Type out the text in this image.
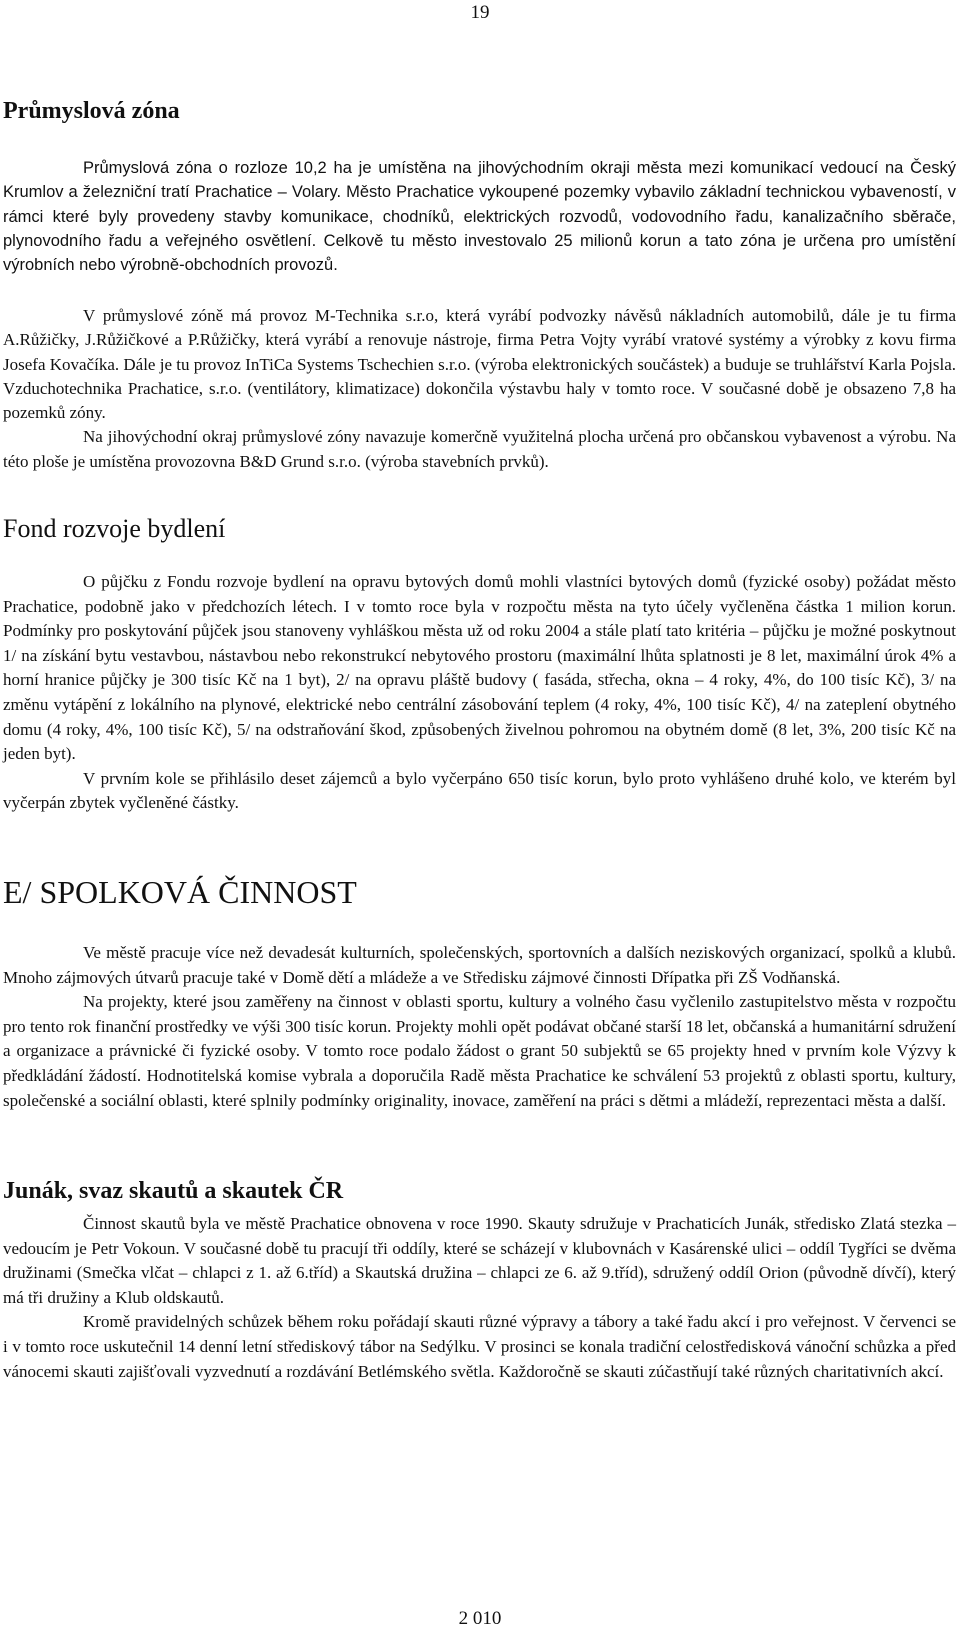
19
Průmyslová zóna

Průmyslová zóna o rozloze 10,2 ha je umístěna na jihovýchodním okraji města mezi komunikací vedoucí na Český Krumlov a železniční tratí Prachatice – Volary. Město Prachatice vykoupené pozemky vybavilo základní technickou vybaveností, v rámci které byly provedeny stavby komunikace, chodníků, elektrických rozvodů, vodovodního řadu, kanalizačního sběrače, plynovodního řadu a veřejného osvětlení. Celkově tu město investovalo 25 milionů korun a tato zóna je určena pro umístění výrobních nebo výrobně-obchodních provozů.

V průmyslové zóně má provoz M-Technika s.r.o, která vyrábí podvozky návěsů nákladních automobilů, dále je tu firma A.Růžičky, J.Růžičkové a P.Růžičky, která vyrábí a renovuje nástroje, firma Petra Vojty vyrábí vratové systémy a výrobky z kovu firma Josefa Kovačíka. Dále je tu provoz InTiCa Systems Tschechien s.r.o. (výroba elektronických součástek) a buduje se truhlářství Karla Pojsla. Vzduchotechnika Prachatice, s.r.o. (ventilátory, klimatizace) dokončila výstavbu haly v tomto roce. V současné době je obsazeno 7,8 ha pozemků zóny.

Na jihovýchodní okraj průmyslové zóny navazuje komerčně využitelná plocha určená pro občanskou vybavenost a výrobu. Na této ploše je umístěna provozovna B&D Grund s.r.o. (výroba stavebních prvků).

Fond rozvoje bydlení

O půjčku z Fondu rozvoje bydlení na opravu bytových domů mohli vlastníci bytových domů (fyzické osoby) požádat město Prachatice, podobně jako v předchozích létech. I v tomto roce byla v rozpočtu města na tyto účely vyčleněna částka 1 milion korun. Podmínky pro poskytování půjček jsou stanoveny vyhláškou města už od roku 2004 a stále platí tato kritéria – půjčku je možné poskytnout 1/ na získání bytu vestavbou, nástavbou nebo rekonstrukcí nebytového prostoru (maximální lhůta splatnosti je 8 let, maximální úrok 4% a horní hranice půjčky je 300 tisíc Kč na 1 byt), 2/ na opravu pláště budovy ( fasáda, střecha, okna – 4 roky, 4%, do 100 tisíc Kč), 3/ na změnu vytápění z lokálního na plynové, elektrické nebo centrální zásobování teplem (4 roky, 4%, 100 tisíc Kč), 4/ na zateplení obytného domu (4 roky, 4%, 100 tisíc Kč), 5/ na odstraňování škod, způsobených živelnou pohromou na obytném domě (8 let, 3%, 200 tisíc Kč na jeden byt).

V prvním kole se přihlásilo deset zájemců a bylo vyčerpáno 650 tisíc korun, bylo proto vyhlášeno druhé kolo, ve kterém byl vyčerpán zbytek vyčleněné částky.

E/ SPOLKOVÁ ČINNOST

Ve městě pracuje více než devadesát kulturních, společenských, sportovních a dalších neziskových organizací, spolků a klubů. Mnoho zájmových útvarů pracuje také v Domě dětí a mládeže a ve Středisku zájmové činnosti Dřípatka při ZŠ Vodňanská.

Na projekty, které jsou zaměřeny na činnost v oblasti sportu, kultury a volného času vyčlenilo zastupitelstvo města v rozpočtu pro tento rok finanční prostředky ve výši 300 tisíc korun. Projekty mohli opět podávat občané starší 18 let, občanská a humanitární sdružení a organizace a právnické či fyzické osoby. V tomto roce podalo žádost o grant 50 subjektů se 65 projekty hned v prvním kole Výzvy k předkládání žádostí. Hodnotitelská komise vybrala a doporučila Radě města Prachatice ke schválení 53 projektů z oblasti sportu, kultury, společenské a sociální oblasti, které splnily podmínky originality, inovace, zaměření na práci s dětmi a mládeží, reprezentaci města a další.

Junák, svaz skautů a skautek ČR

Činnost skautů byla ve městě Prachatice obnovena v roce 1990. Skauty sdružuje v Prachaticích Junák, středisko Zlatá stezka – vedoucím je Petr Vokoun. V současné době tu pracují tři oddíly, které se scházejí v klubovnách v Kasárenské ulici – oddíl Tygříci se dvěma družinami (Smečka vlčat – chlapci z 1. až 6.tříd) a Skautská družina – chlapci ze 6. až 9.tříd), sdružený oddíl Orion (původně dívčí), který má tři družiny a Klub oldskautů.

Kromě pravidelných schůzek během roku pořádají skauti různé výpravy a tábory a také řadu akcí i pro veřejnost. V červenci se i v tomto roce uskutečnil 14 denní letní střediskový tábor na Sedýlku. V prosinci se konala tradiční celostředisková vánoční schůzka a před vánocemi skauti zajišťovali vyzvednutí a rozdávání Betlémského světla. Každoročně se skauti zúčastňují také různých charitativních akcí.

2 010
